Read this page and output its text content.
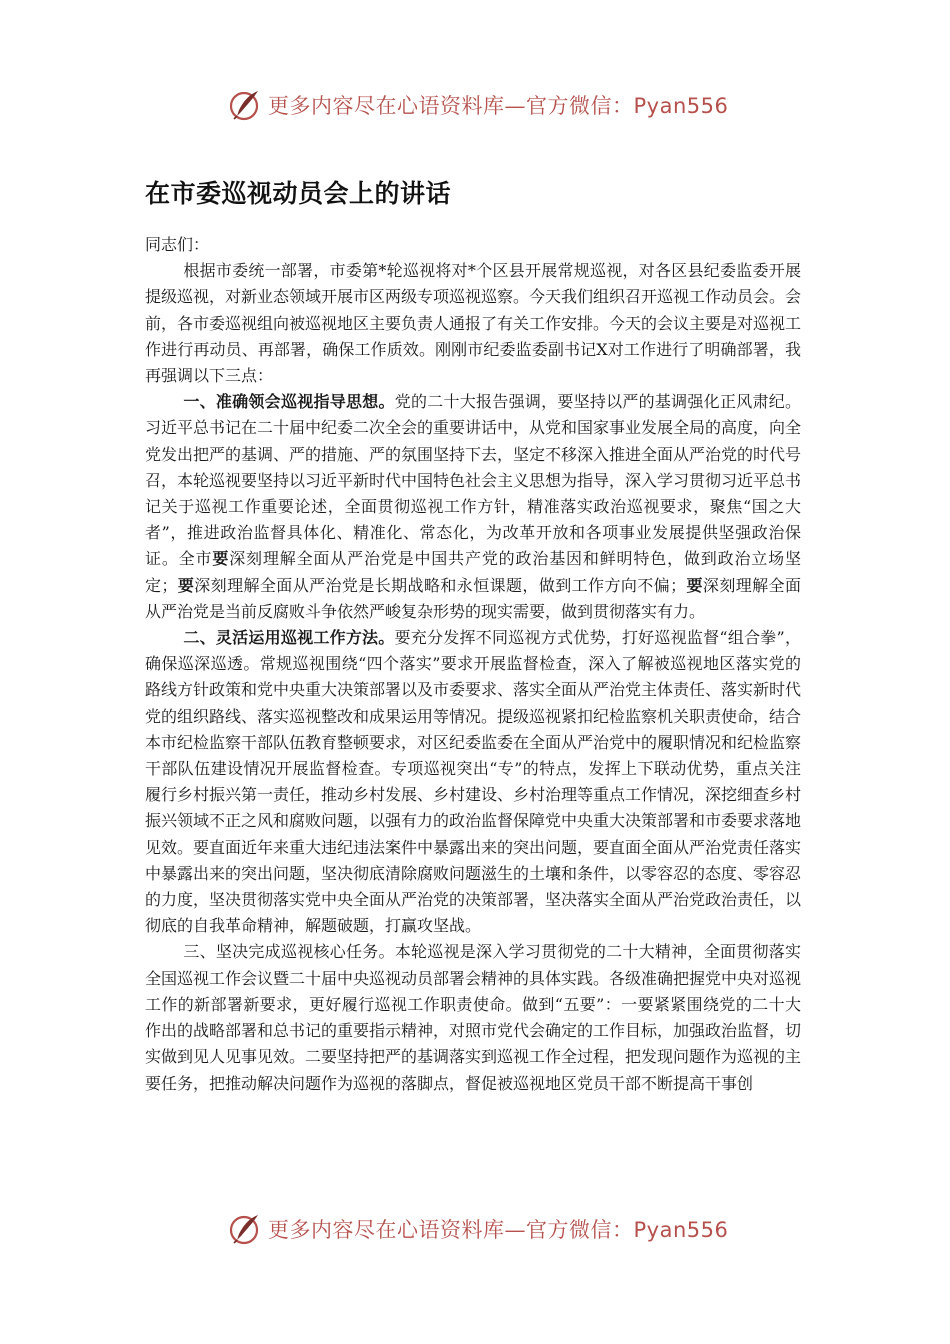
更多内容尽在心语资料库—官方微信：Pyan556
在市委巡视动员会上的讲话

同志们：

根据市委统一部署，市委第*轮巡视将对*个区县开展常规巡视，对各区县纪委监委开展提级巡视，对新业态领域开展市区两级专项巡视巡察。今天我们组织召开巡视工作动员会。会前，各市委巡视组向被巡视地区主要负责人通报了有关工作安排。今天的会议主要是对巡视工作进行再动员、再部署，确保工作质效。刚刚市纪委监委副书记X对工作进行了明确部署，我再强调以下三点：

一、准确领会巡视指导思想。党的二十大报告强调，要坚持以严的基调强化正风肃纪。习近平总书记在二十届中纪委二次全会的重要讲话中，从党和国家事业发展全局的高度，向全党发出把严的基调、严的措施、严的氛围坚持下去，坚定不移深入推进全面从严治党的时代号召，本轮巡视要坚持以习近平新时代中国特色社会主义思想为指导，深入学习贯彻习近平总书记关于巡视工作重要论述，全面贯彻巡视工作方针，精准落实政治巡视要求，聚焦“国之大者”，推进政治监督具体化、精准化、常态化，为改革开放和各项事业发展提供坚强政治保证。全市要深刻理解全面从严治党是中国共产党的政治基因和鲜明特色，做到政治立场坚定；要深刻理解全面从严治党是长期战略和永恒课题，做到工作方向不偏；要深刻理解全面从严治党是当前反腐败斗争依然严峻复杂形势的现实需要，做到贯彻落实有力。

二、灵活运用巡视工作方法。要充分发挥不同巡视方式优势，打好巡视监督“组合拳”，确保巡深巡透。常规巡视围绕“四个落实”要求开展监督检查，深入了解被巡视地区落实党的路线方针政策和党中央重大决策部署以及市委要求、落实全面从严治党主体责任、落实新时代党的组织路线、落实巡视整改和成果运用等情况。提级巡视紧扣纪检监察机关职责使命，结合本市纪检监察干部队伍教育整顿要求，对区纪委监委在全面从严治党中的履职情况和纪检监察干部队伍建设情况开展监督检查。专项巡视突出“专”的特点，发挥上下联动优势，重点关注履行乡村振兴第一责任，推动乡村发展、乡村建设、乡村治理等重点工作情况，深挖细查乡村振兴领域不正之风和腐败问题，以强有力的政治监督保障党中央重大决策部署和市委要求落地见效。要直面近年来重大违纪违法案件中暴露出来的突出问题，要直面全面从严治党责任落实中暴露出来的突出问题，坚决彻底清除腐败问题滋生的土壤和条件，以零容忍的态度、零容忍的力度，坚决贯彻落实党中央全面从严治党的决策部署，坚决落实全面从严治党政治责任，以彻底的自我革命精神，解题破题，打赢攻坚战。

三、坚决完成巡视核心任务。本轮巡视是深入学习贯彻党的二十大精神，全面贯彻落实全国巡视工作会议暨二十届中央巡视动员部署会精神的具体实践。各级准确把握党中央对巡视工作的新部署新要求，更好履行巡视工作职责使命。做到“五要”：一要紧紧围绕党的二十大作出的战略部署和总书记的重要指示精神，对照市党代会确定的工作目标，加强政治监督，切实做到见人见事见效。二要坚持把严的基调落实到巡视工作全过程，把发现问题作为巡视的主要任务，把推动解决问题作为巡视的落脚点，督促被巡视地区党员干部不断提高干事创

更多内容尽在心语资料库—官方微信：Pyan556
